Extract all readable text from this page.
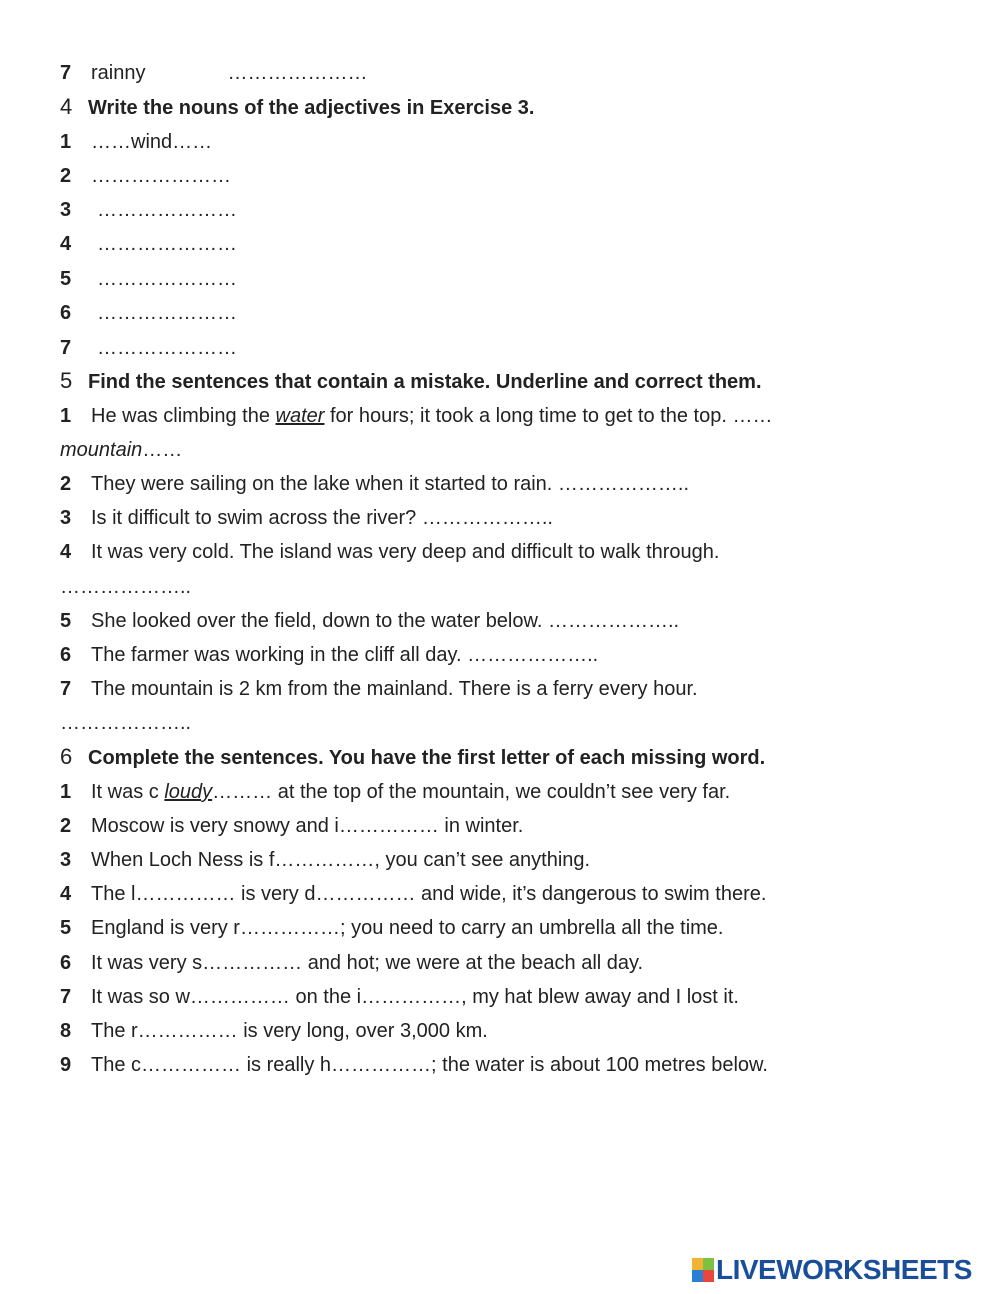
7 rainny	…………………
4 Write the nouns of the adjectives in Exercise 3.
1 ……wind……
2 …………………
3 …………………
4 …………………
5 …………………
6 …………………
7 …………………
5 Find the sentences that contain a mistake. Underline and correct them.
1 He was climbing the water for hours; it took a long time to get to the top. ……
mountain……
2 They were sailing on the lake when it started to rain. ………………..
3 Is it difficult to swim across the river? ………………..
4 It was very cold. The island was very deep and difficult to walk through.
………………..
5 She looked over the field, down to the water below. ………………..
6 The farmer was working in the cliff all day. ………………..
7 The mountain is 2 km from the mainland. There is a ferry every hour.
………………..
6 Complete the sentences. You have the first letter of each missing word.
1 It was c loudy……… at the top of the mountain, we couldn’t see very far.
2 Moscow is very snowy and i…………… in winter.
3 When Loch Ness is f……………, you can’t see anything.
4 The l…………… is very d…………… and wide, it’s dangerous to swim there.
5 England is very r……………; you need to carry an umbrella all the time.
6 It was very s…………… and hot; we were at the beach all day.
7 It was so w…………… on the i……………, my hat blew away and I lost it.
8 The r…………… is very long, over 3,000 km.
9 The c…………… is really h……………; the water is about 100 metres below.
LIVEWORKSHEETS
